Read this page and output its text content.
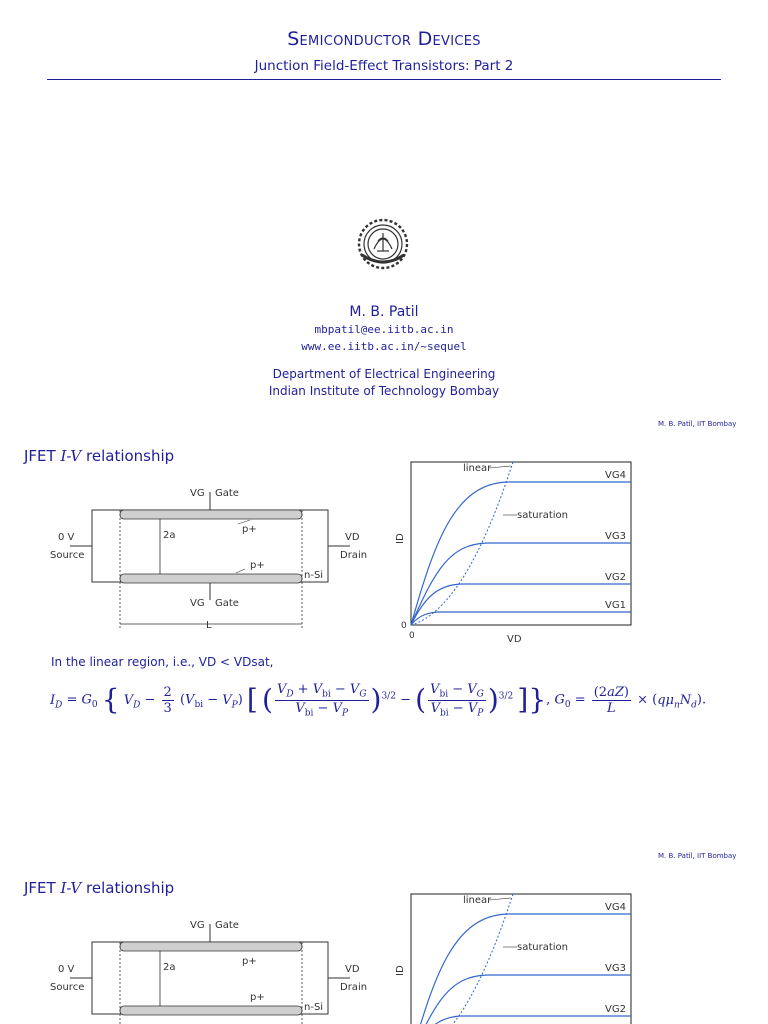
Semiconductor Devices
Junction Field-Effect Transistors: Part 2
M. B. Patil
mbpatil@ee.iitb.ac.in
www.ee.iitb.ac.in/~sequel
Department of Electrical Engineering
Indian Institute of Technology Bombay
M. B. Patil, IIT Bombay
JFET I-V relationship
VG Gate
VG Gate
0 V
Source
VD
Drain
p+
p+
2a
n-Si
L
linear
saturation
VG4
VG3
VG2
VG1
ID
VD
0
0
In the linear region, i.e., VD < VDsat,
$I_D = G_0$ { $V_D - \frac{2}{3} (V_{bi} - V_P)$ [ ( $\frac{V_D + V_{bi} - V_G}{V_{bi} - V_P} )^{3/2}$ − ( $\frac{V_{bi} - V_G}{V_{bi} - V_P} )^{3/2}$ ]}, $G_0 = \frac{(2aZ)}{L} \times (q\mu_nN_d)$.
M. B. Patil, IIT Bombay
JFET I-V relationship
VG Gate
0 V
Source
VD
Drain
p+
p+
2a
n-Si
linear
saturation
VG4
VG3
VG2
ID
